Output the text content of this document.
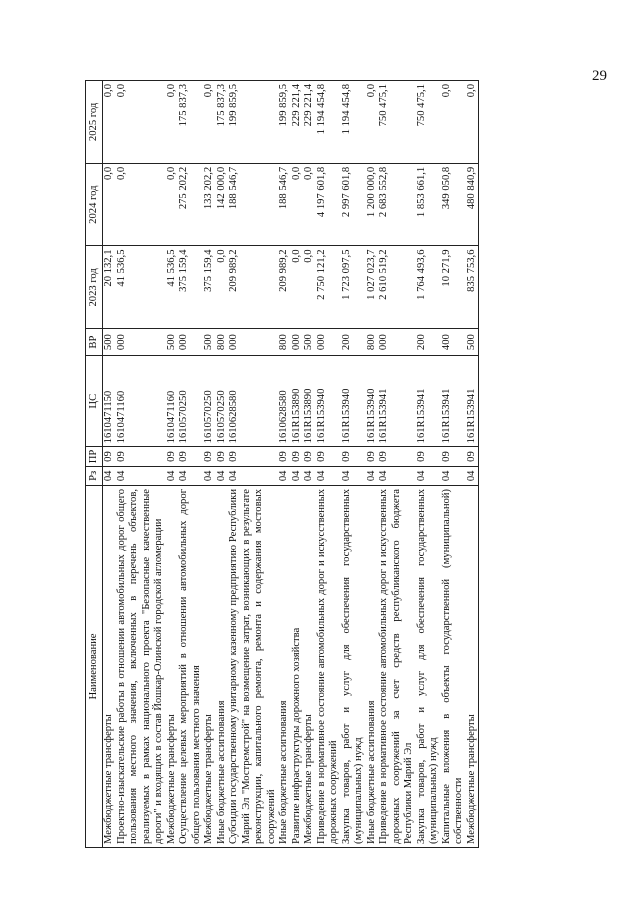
29
Наименование	Рз	ПР	ЦС	ВР	2023 год	2024 год	2025 год
Межбюджетные трансферты	04	09	1610471150	500	20 132,1	0,0	0,0
Проектно-изыскательские работы в отношении автомобильных дорог общего пользования местного значения, включенных в перечень объектов, реализуемых в рамках национального проекта "Безопасные качественные дороги" и входящих в состав Йошкар-Олинской городской агломерации	04	09	1610471160	000	41 536,5	0,0	0,0
Межбюджетные трансферты	04	09	1610471160	500	41 536,5	0,0	0,0
Осуществление целевых мероприятий в отношении автомобильных дорог общего пользования местного значения	04	09	1610570250	000	375 159,4	275 202,2	175 837,3
Межбюджетные трансферты	04	09	1610570250	500	375 159,4	133 202,2	0,0
Иные бюджетные ассигнования	04	09	1610570250	800	0,0	142 000,0	175 837,3
Субсидии государственному унитарному казенному предприятию Республики Марий Эл "Мостремстрой" на возмещение затрат, возникающих в результате реконструкции, капитального ремонта, ремонта и содержания мостовых сооружений	04	09	1610628580	000	209 989,2	188 546,7	199 859,5
Иные бюджетные ассигнования	04	09	1610628580	800	209 989,2	188 546,7	199 859,5
Развитие инфраструктуры дорожного хозяйства	04	09	161R153890	000	0,0	0,0	229 221,4
Межбюджетные трансферты	04	09	161R153890	500	0,0	0,0	229 221,4
Приведение в нормативное состояние автомобильных дорог и искусственных дорожных сооружений	04	09	161R153940	000	2 750 121,2	4 197 601,8	1 194 454,8
Закупка товаров, работ и услуг для обеспечения государственных (муниципальных) нужд	04	09	161R153940	200	1 723 097,5	2 997 601,8	1 194 454,8
Иные бюджетные ассигнования	04	09	161R153940	800	1 027 023,7	1 200 000,0	0,0
Приведение в нормативное состояние автомобильных дорог и искусственных дорожных сооружений за счет средств республиканского бюджета Республики Марий Эл	04	09	161R153941	000	2 610 519,2	2 683 552,8	750 475,1
Закупка товаров, работ и услуг для обеспечения государственных (муниципальных) нужд	04	09	161R153941	200	1 764 493,6	1 853 661,1	750 475,1
Капитальные вложения в объекты государственной (муниципальной) собственности	04	09	161R153941	400	10 271,9	349 050,8	0,0
Межбюджетные трансферты	04	09	161R153941	500	835 753,6	480 840,9	0,0
